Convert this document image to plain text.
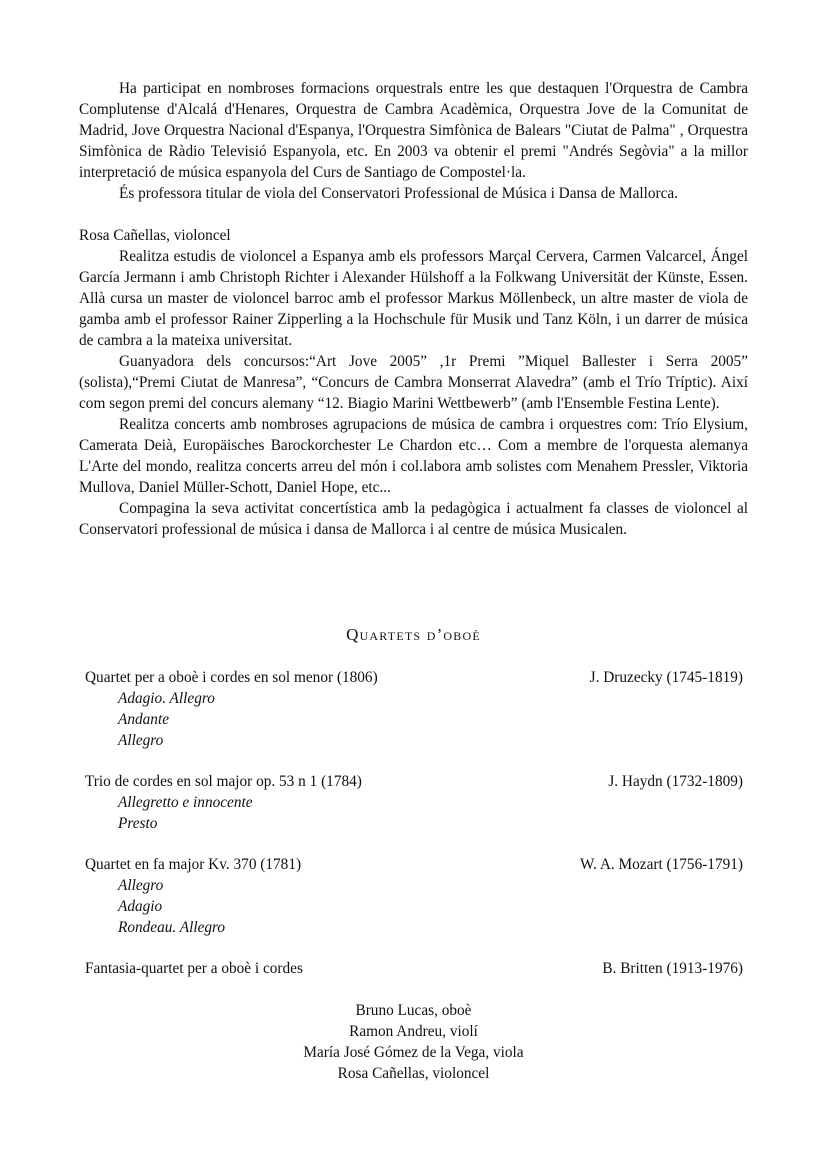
Ha participat en nombroses formacions orquestrals entre les que destaquen l'Orquestra de Cambra Complutense d'Alcalá d'Henares, Orquestra de Cambra Acadèmica, Orquestra Jove de la Comunitat de Madrid, Jove Orquestra Nacional d'Espanya, l'Orquestra Simfònica de Balears "Ciutat de Palma" , Orquestra Simfònica de Ràdio Televisió Espanyola, etc. En 2003 va obtenir el premi "Andrés Segòvia" a la millor interpretació de música espanyola del Curs de Santiago de Compostel·la.

És professora titular de viola del Conservatori Professional de Música i Dansa de Mallorca.

Rosa Cañellas, violoncel

Realitza estudis de violoncel a Espanya amb els professors Marçal Cervera, Carmen Valcarcel, Ángel García Jermann i amb Christoph Richter i Alexander Hülshoff a la Folkwang Universität der Künste, Essen. Allà cursa un master de violoncel barroc amb el professor Markus Möllenbeck, un altre master de viola de gamba amb el professor Rainer Zipperling a la Hochschule für Musik und Tanz Köln, i un darrer de música de cambra a la mateixa universitat.

Guanyadora dels concursos:“Art Jove 2005” ,1r Premi ”Miquel Ballester i Serra 2005” (solista),“Premi Ciutat de Manresa”, “Concurs de Cambra Monserrat Alavedra” (amb el Trío Tríptic). Així com segon premi del concurs alemany “12. Biagio Marini Wettbewerb” (amb l'Ensemble Festina Lente).

Realitza concerts amb nombroses agrupacions de música de cambra i orquestres com: Trío Elysium, Camerata Deià, Europäisches Barockorchester Le Chardon etc… Com a membre de l'orquesta alemanya L'Arte del mondo, realitza concerts arreu del món i col.labora amb solistes com Menahem Pressler, Viktoria Mullova, Daniel Müller-Schott, Daniel Hope, etc...

Compagina la seva activitat concertística amb la pedagògica i actualment fa classes de violoncel al Conservatori professional de música i dansa de Mallorca i al centre de música Musicalen.

Quartets d’oboè
Quartet per a oboè i cordes en sol menor (1806)	J. Druzecky (1745-1819)
Adagio. Allegro
Andante
Allegro
Trio de cordes en sol major op. 53 n 1 (1784)	J. Haydn (1732-1809)
Allegretto e innocente
Presto
Quartet en fa major Kv. 370 (1781)	W. A. Mozart (1756-1791)
Allegro
Adagio
Rondeau. Allegro
Fantasia-quartet per a oboè i cordes	B. Britten (1913-1976)
Bruno Lucas, oboè
Ramon Andreu, violí
María José Gómez de la Vega, viola
Rosa Cañellas, violoncel
